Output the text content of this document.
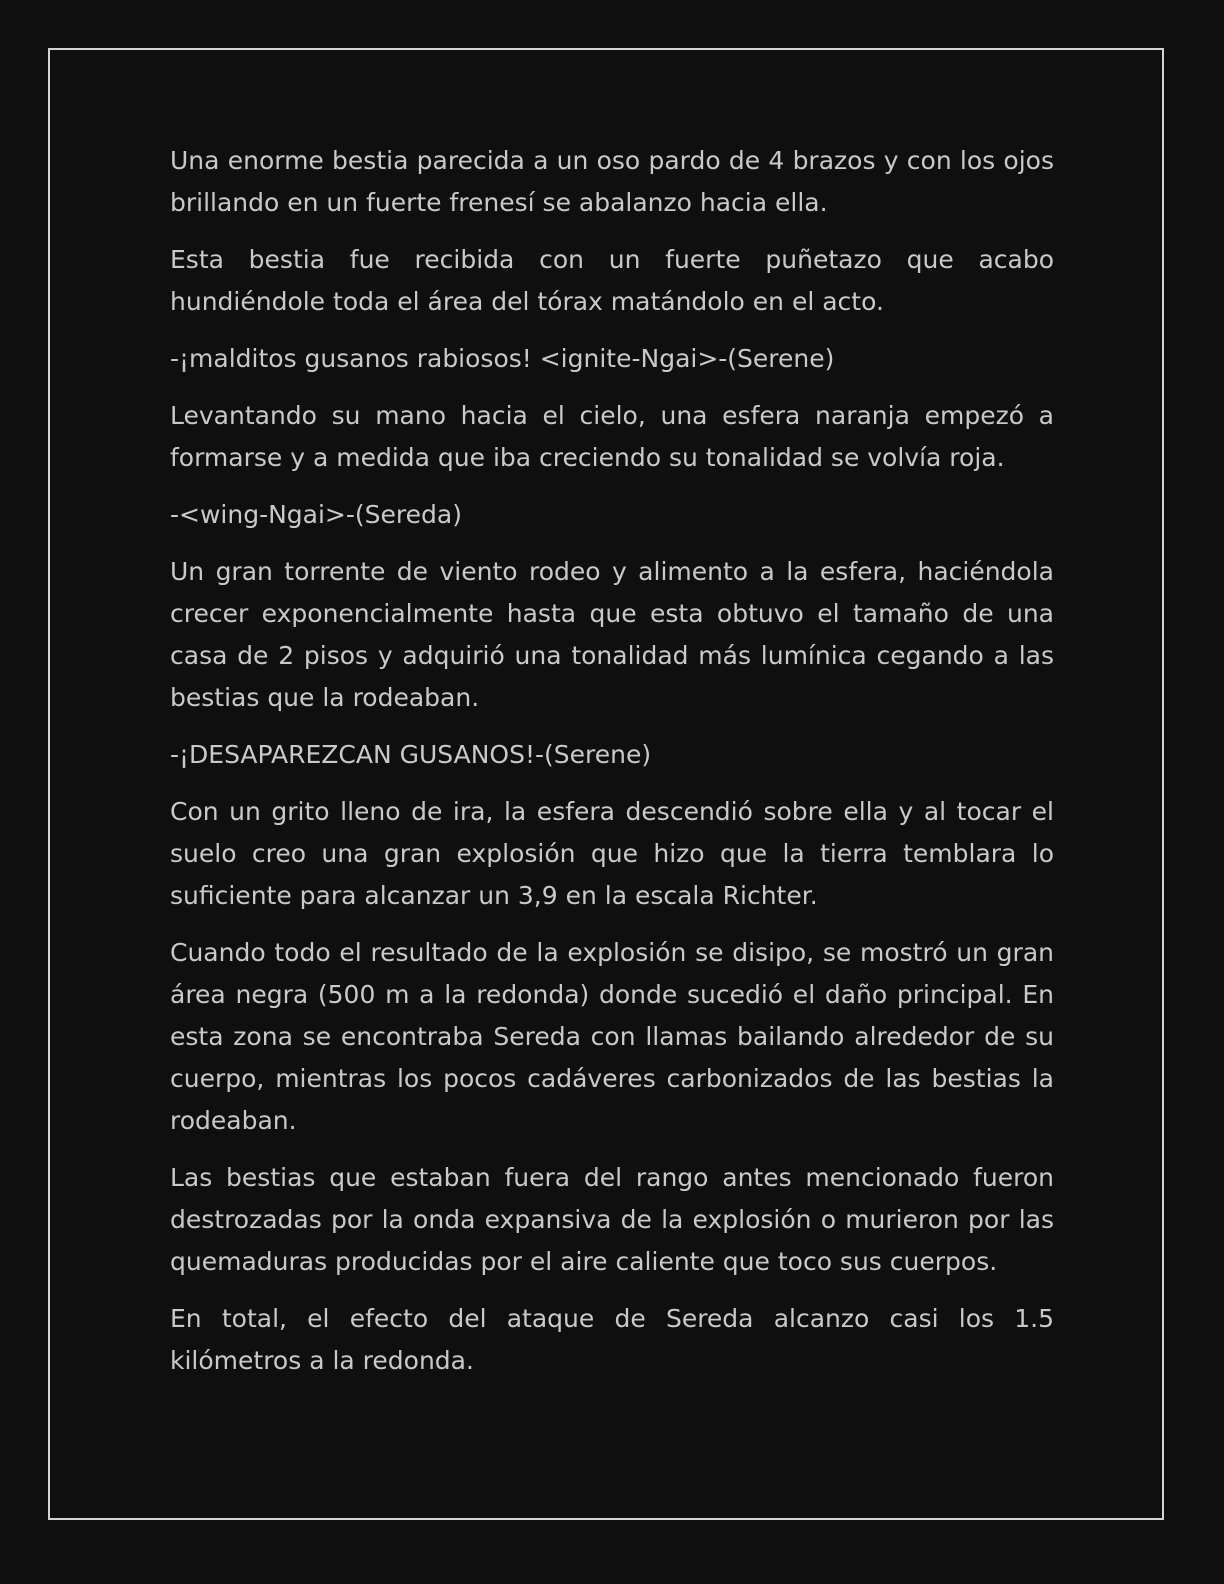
Una enorme bestia parecida a un oso pardo de 4 brazos y con los ojos brillando en un fuerte frenesí se abalanzo hacia ella.

Esta bestia fue recibida con un fuerte puñetazo que acabo hundiéndole toda el área del tórax matándolo en el acto.

-¡malditos gusanos rabiosos! <ignite-Ngai>-(Serene)

Levantando su mano hacia el cielo, una esfera naranja empezó a formarse y a medida que iba creciendo su tonalidad se volvía roja.

-<wing-Ngai>-(Sereda)

Un gran torrente de viento rodeo y alimento a la esfera, haciéndola crecer exponencialmente hasta que esta obtuvo el tamaño de una casa de 2 pisos y adquirió una tonalidad más lumínica cegando a las bestias que la rodeaban.

-¡DESAPAREZCAN GUSANOS!-(Serene)

Con un grito lleno de ira, la esfera descendió sobre ella y al tocar el suelo creo una gran explosión que hizo que la tierra temblara lo suficiente para alcanzar un 3,9 en la escala Richter.

Cuando todo el resultado de la explosión se disipo, se mostró un gran área negra (500 m a la redonda) donde sucedió el daño principal. En esta zona se encontraba Sereda con llamas bailando alrededor de su cuerpo, mientras los pocos cadáveres carbonizados de las bestias la rodeaban.

Las bestias que estaban fuera del rango antes mencionado fueron destrozadas por la onda expansiva de la explosión o murieron por las quemaduras producidas por el aire caliente que toco sus cuerpos.

En total, el efecto del ataque de Sereda alcanzo casi los 1.5 kilómetros a la redonda.
